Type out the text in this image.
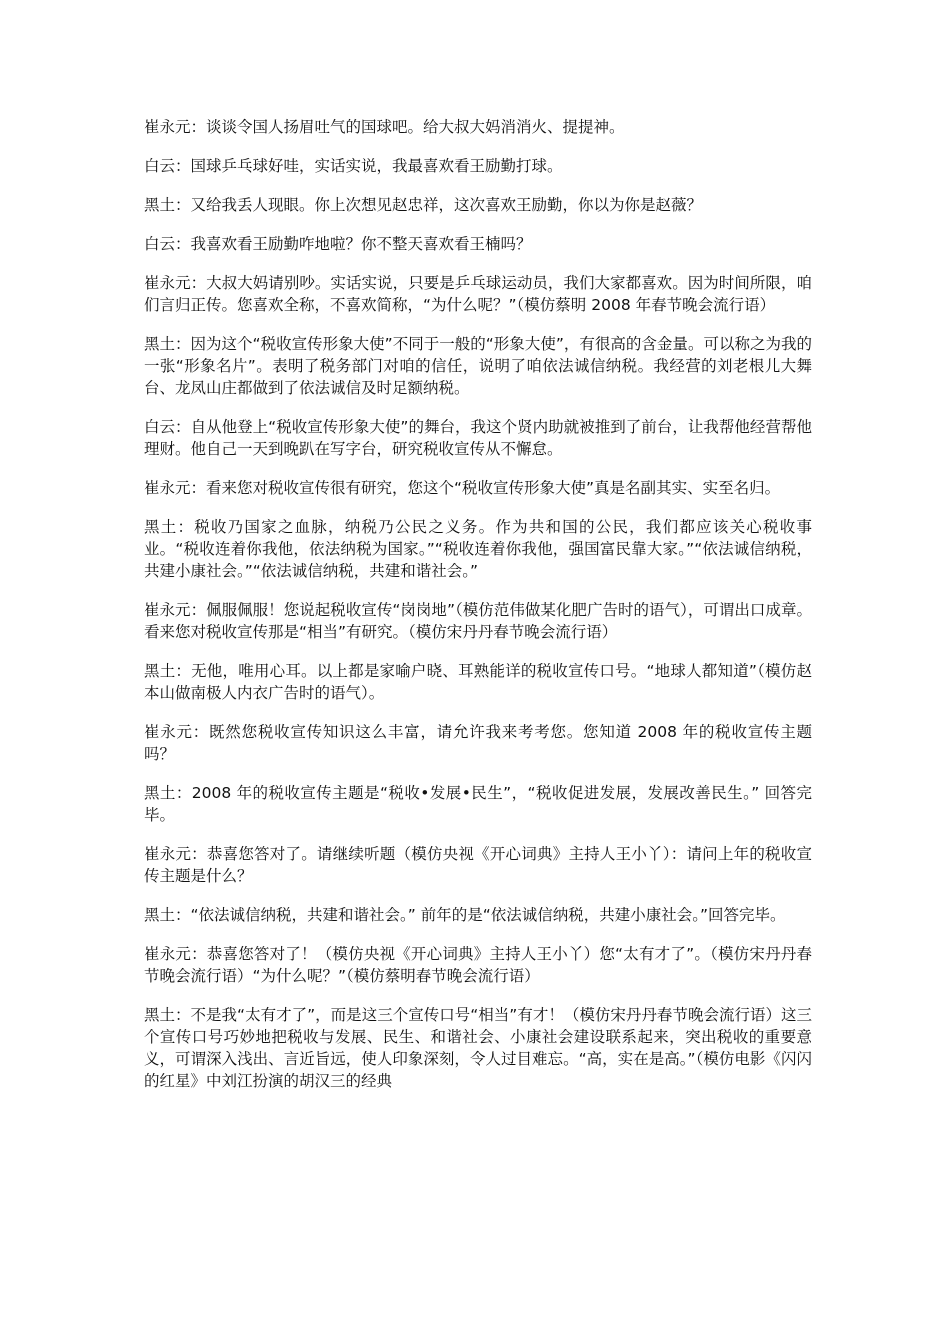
崔永元：谈谈令国人扬眉吐气的国球吧。给大叔大妈消消火、提提神。

白云：国球乒乓球好哇，实话实说，我最喜欢看王励勤打球。

黑土：又给我丢人现眼。你上次想见赵忠祥，这次喜欢王励勤，你以为你是赵薇？

白云：我喜欢看王励勤咋地啦？你不整天喜欢看王楠吗？

崔永元：大叔大妈请别吵。实话实说，只要是乒乓球运动员，我们大家都喜欢。因为时间所限，咱们言归正传。您喜欢全称，不喜欢简称，“为什么呢？”（模仿蔡明 2008 年春节晚会流行语）

黑土：因为这个“税收宣传形象大使”不同于一般的“形象大使”，有很高的含金量。可以称之为我的一张“形象名片”。表明了税务部门对咱的信任，说明了咱依法诚信纳税。我经营的刘老根儿大舞台、龙凤山庄都做到了依法诚信及时足额纳税。

白云：自从他登上“税收宣传形象大使”的舞台，我这个贤内助就被推到了前台，让我帮他经营帮他理财。他自己一天到晚趴在写字台，研究税收宣传从不懈怠。

崔永元：看来您对税收宣传很有研究，您这个“税收宣传形象大使”真是名副其实、实至名归。

黑土：税收乃国家之血脉，纳税乃公民之义务。作为共和国的公民，我们都应该关心税收事业。“税收连着你我他，依法纳税为国家。”“税收连着你我他，强国富民靠大家。”“依法诚信纳税，共建小康社会。”“依法诚信纳税，共建和谐社会。”

崔永元：佩服佩服！您说起税收宣传“岗岗地”（模仿范伟做某化肥广告时的语气），可谓出口成章。看来您对税收宣传那是“相当”有研究。（模仿宋丹丹春节晚会流行语）

黑土：无他，唯用心耳。以上都是家喻户晓、耳熟能详的税收宣传口号。“地球人都知道”（模仿赵本山做南极人内衣广告时的语气）。

崔永元：既然您税收宣传知识这么丰富，请允许我来考考您。您知道 2008 年的税收宣传主题吗？

黑土：2008 年的税收宣传主题是“税收•发展•民生”，“税收促进发展，发展改善民生。” 回答完毕。

崔永元：恭喜您答对了。请继续听题（模仿央视《开心词典》主持人王小丫）：请问上年的税收宣传主题是什么？

黑土：“依法诚信纳税，共建和谐社会。” 前年的是“依法诚信纳税，共建小康社会。”回答完毕。

崔永元：恭喜您答对了！（模仿央视《开心词典》主持人王小丫）您“太有才了”。（模仿宋丹丹春节晚会流行语）“为什么呢？”（模仿蔡明春节晚会流行语）

黑土：不是我“太有才了”，而是这三个宣传口号“相当”有才！（模仿宋丹丹春节晚会流行语）这三个宣传口号巧妙地把税收与发展、民生、和谐社会、小康社会建设联系起来，突出税收的重要意义，可谓深入浅出、言近旨远，使人印象深刻，令人过目难忘。“高，实在是高。”（模仿电影《闪闪的红星》中刘江扮演的胡汉三的经典
